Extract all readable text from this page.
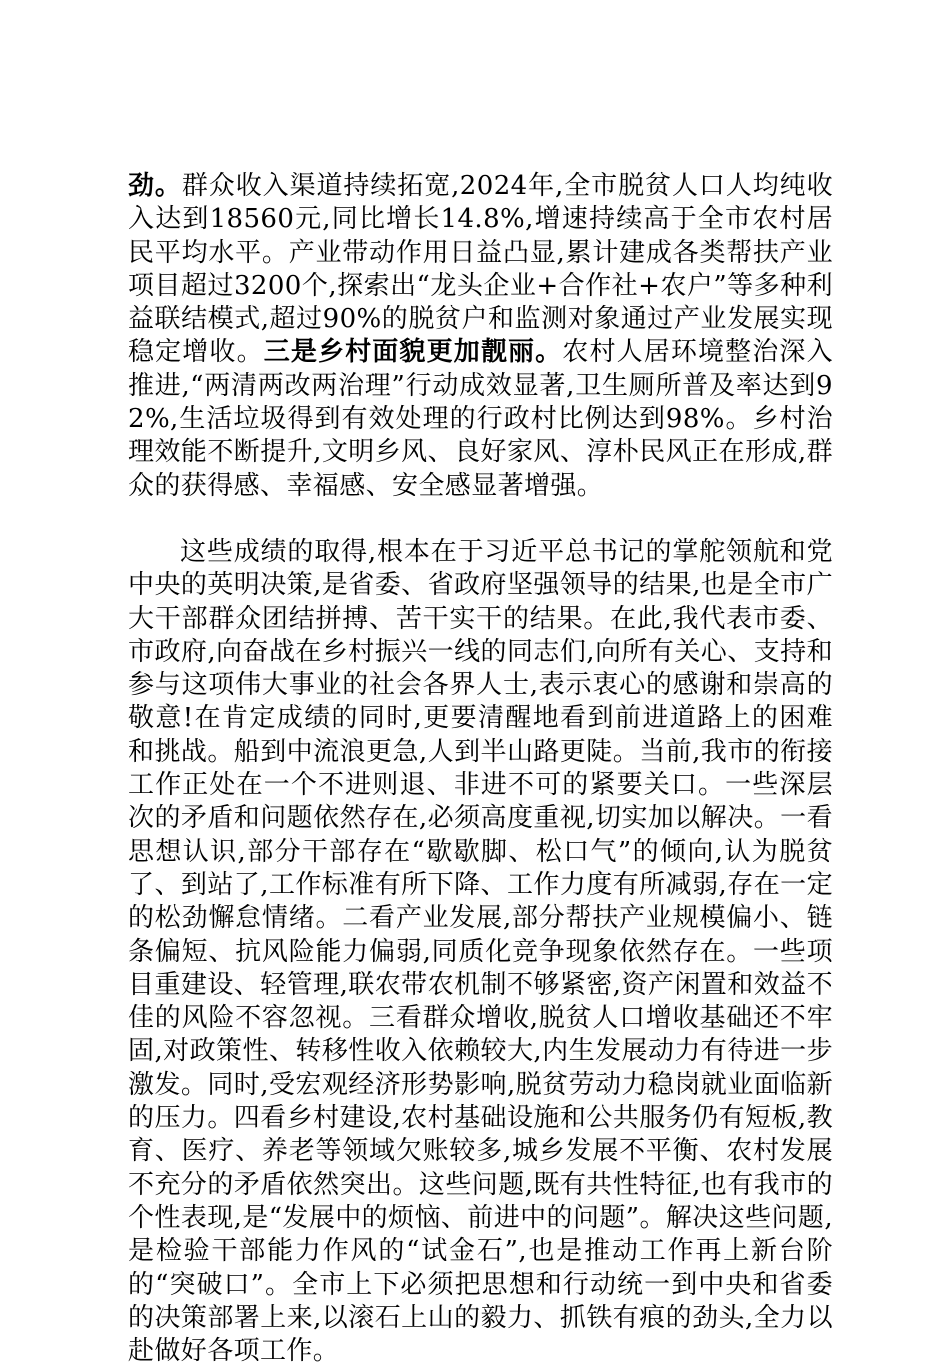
劲。群众收入渠道持续拓宽,2024年,全市脱贫人口人均纯收入达到18560元,同比增长14.8%,增速持续高于全市农村居民平均水平。产业带动作用日益凸显,累计建成各类帮扶产业项目超过3200个,探索出“龙头企业+合作社+农户”等多种利益联结模式,超过90%的脱贫户和监测对象通过产业发展实现稳定增收。三是乡村面貌更加靓丽。农村人居环境整治深入推进,“两清两改两治理”行动成效显著,卫生厕所普及率达到92%,生活垃圾得到有效处理的行政村比例达到98%。乡村治理效能不断提升,文明乡风、良好家风、淳朴民风正在形成,群众的获得感、幸福感、安全感显著增强。

这些成绩的取得,根本在于习近平总书记的掌舵领航和党中央的英明决策,是省委、省政府坚强领导的结果,也是全市广大干部群众团结拼搏、苦干实干的结果。在此,我代表市委、市政府,向奋战在乡村振兴一线的同志们,向所有关心、支持和参与这项伟大事业的社会各界人士,表示衷心的感谢和崇高的敬意!在肯定成绩的同时,更要清醒地看到前进道路上的困难和挑战。船到中流浪更急,人到半山路更陡。当前,我市的衔接工作正处在一个不进则退、非进不可的紧要关口。一些深层次的矛盾和问题依然存在,必须高度重视,切实加以解决。一看思想认识,部分干部存在“歇歇脚、松口气”的倾向,认为脱贫了、到站了,工作标准有所下降、工作力度有所减弱,存在一定的松劲懈怠情绪。二看产业发展,部分帮扶产业规模偏小、链条偏短、抗风险能力偏弱,同质化竞争现象依然存在。一些项目重建设、轻管理,联农带农机制不够紧密,资产闲置和效益不佳的风险不容忽视。三看群众增收,脱贫人口增收基础还不牢固,对政策性、转移性收入依赖较大,内生发展动力有待进一步激发。同时,受宏观经济形势影响,脱贫劳动力稳岗就业面临新的压力。四看乡村建设,农村基础设施和公共服务仍有短板,教育、医疗、养老等领域欠账较多,城乡发展不平衡、农村发展不充分的矛盾依然突出。这些问题,既有共性特征,也有我市的个性表现,是“发展中的烦恼、前进中的问题”。解决这些问题,是检验干部能力作风的“试金石”,也是推动工作再上新台阶的“突破口”。全市上下必须把思想和行动统一到中央和省委的决策部署上来,以滚石上山的毅力、抓铁有痕的劲头,全力以赴做好各项工作。
